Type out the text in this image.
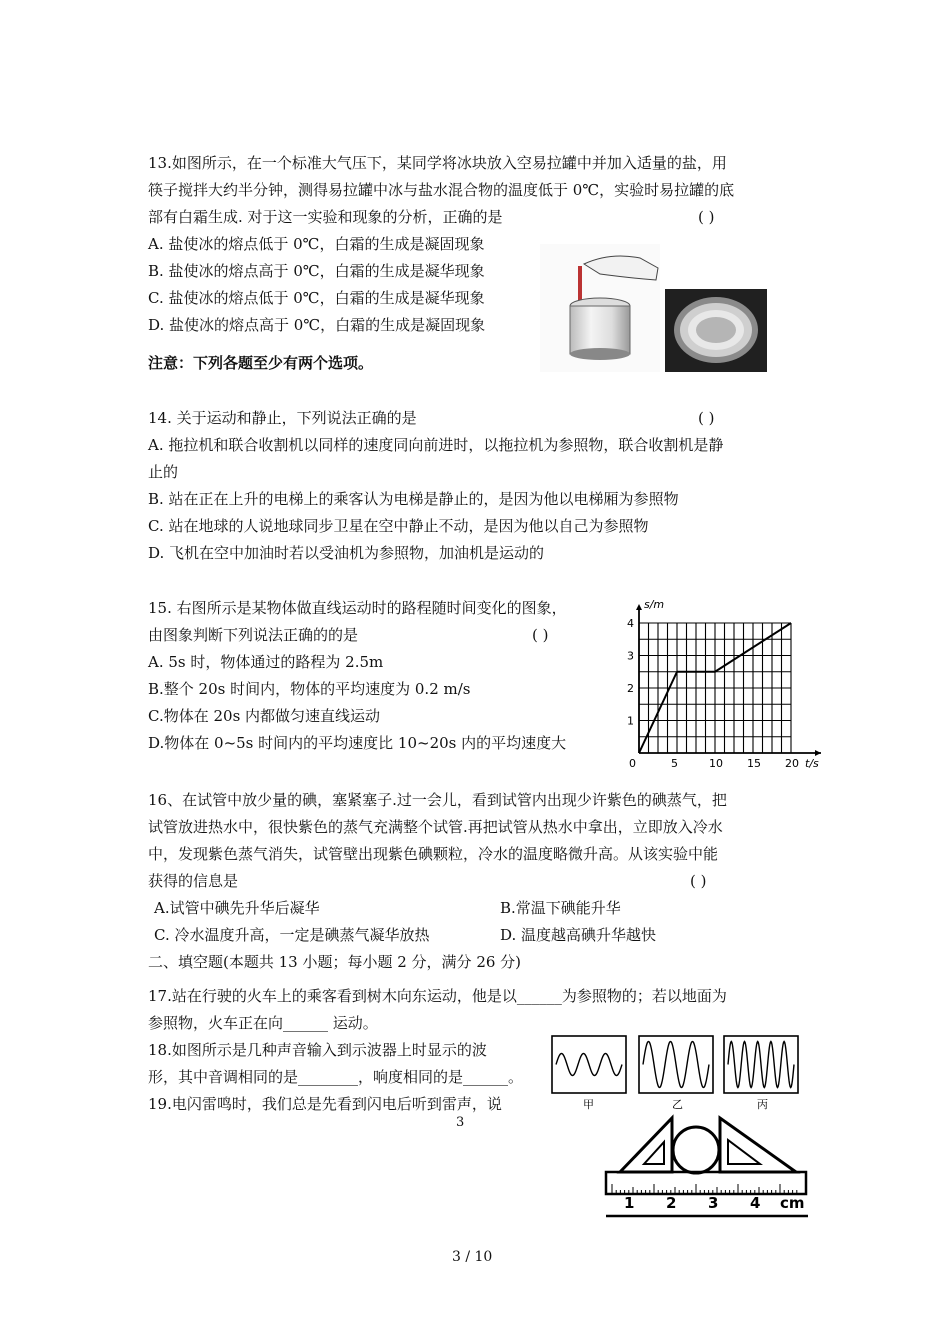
13.如图所示，在一个标准大气压下，某同学将冰块放入空易拉罐中并加入适量的盐，用
筷子搅拌大约半分钟，测得易拉罐中冰与盐水混合物的温度低于 0℃，实验时易拉罐的底
部有白霜生成. 对于这一实验和现象的分析，正确的是	( )
A. 盐使冰的熔点低于 0℃，白霜的生成是凝固现象
B. 盐使冰的熔点高于 0℃，白霜的生成是凝华现象
C. 盐使冰的熔点低于 0℃，白霜的生成是凝华现象
D. 盐使冰的熔点高于 0℃，白霜的生成是凝固现象
注意：下列各题至少有两个选项。
14. 关于运动和静止，下列说法正确的是	( )
A. 拖拉机和联合收割机以同样的速度同向前进时，以拖拉机为参照物，联合收割机是静
止的
B. 站在正在上升的电梯上的乘客认为电梯是静止的，是因为他以电梯厢为参照物
C. 站在地球的人说地球同步卫星在空中静止不动，是因为他以自己为参照物
D. 飞机在空中加油时若以受油机为参照物，加油机是运动的
15. 右图所示是某物体做直线运动时的路程随时间变化的图象，
由图象判断下列说法正确的的是	( )
A. 5s 时，物体通过的路程为 2.5m
B.整个 20s 时间内，物体的平均速度为 0.2 m/s
C.物体在 20s 内都做匀速直线运动
D.物体在 0~5s 时间内的平均速度比 10~20s 内的平均速度大
0	5	10 15 20
1
2
3
4
t/s
s/m
16、在试管中放少量的碘，塞紧塞子.过一会儿，看到试管内出现少许紫色的碘蒸气，把
试管放进热水中，很快紫色的蒸气充满整个试管.再把试管从热水中拿出，立即放入冷水
中，发现紫色蒸气消失，试管壁出现紫色碘颗粒，冷水的温度略微升高。从该实验中能
获得的信息是	( )
A.试管中碘先升华后凝华	B.常温下碘能升华
C. 冷水温度升高，一定是碘蒸气凝华放热	D. 温度越高碘升华越快
二、填空题(本题共 13 小题；每小题 2 分，满分 26 分)
17.站在行驶的火车上的乘客看到树木向东运动，他是以______为参照物的；若以地面为
参照物，火车正在向______ 运动。
18.如图所示是几种声音输入到示波器上时显示的波
形，其中音调相同的是________，响度相同的是______。
19.电闪雷鸣时，我们总是先看到闪电后听到雷声，说
3
甲	乙	丙
1 2 3 4 cm
3 / 10
